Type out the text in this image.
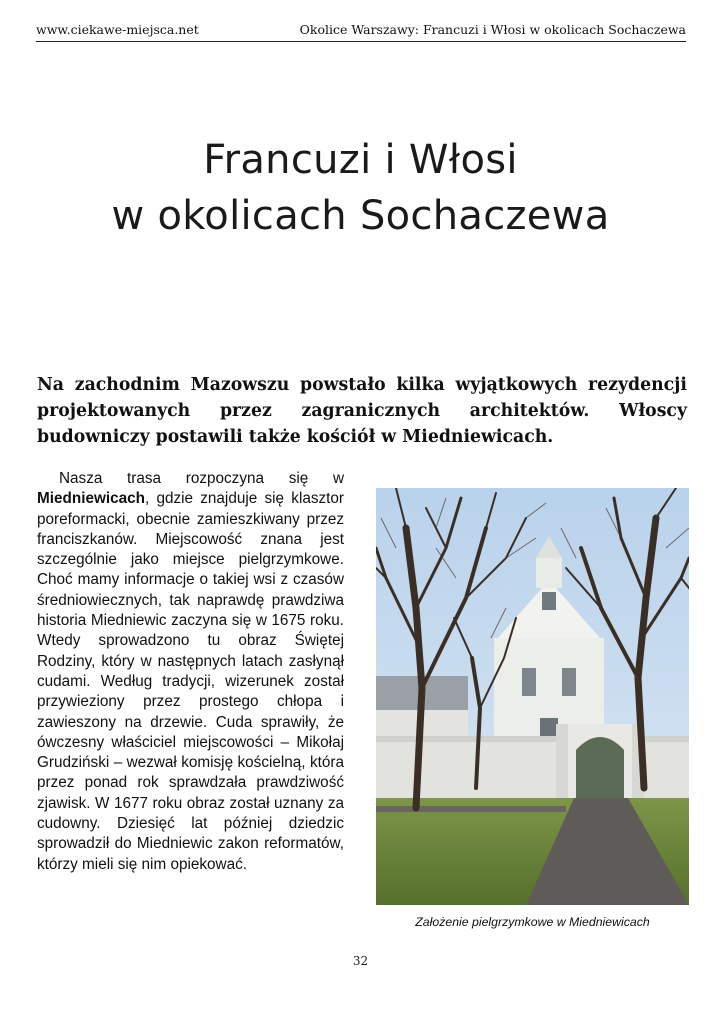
www.ciekawe-miejsca.net	Okolice Warszawy: Francuzi i Włosi w okolicach Sochaczewa
Francuzi i Włosi
w okolicach Sochaczewa
Na zachodnim Mazowszu powstało kilka wyjątkowych rezydencji projektowanych przez zagranicznych architektów. Włoscy budowniczy postawili także kościół w Miedniewicach.

Nasza trasa rozpoczyna się w Miedniewicach, gdzie znajduje się klasztor poreformacki, obecnie zamieszkiwany przez franciszkanów. Miejscowość znana jest szczególnie jako miejsce pielgrzymkowe. Choć mamy informacje o takiej wsi z czasów średniowiecznych, tak naprawdę prawdziwa historia Miedniewic zaczyna się w 1675 roku. Wtedy sprowadzono tu obraz Świętej Rodziny, który w następnych latach zasłynął cudami. Według tradycji, wizerunek został przywieziony przez prostego chłopa i zawieszony na drzewie. Cuda sprawiły, że ówczesny właściciel miejscowości – Mikołaj Grudziński – wezwał komisję kościelną, która przez ponad rok sprawdzała prawdziwość zjawisk. W 1677 roku obraz został uznany za cudowny. Dziesięć lat później dziedzic sprowadził do Miedniewic zakon reformatów, którzy mieli się nim opiekować.

Założenie pielgrzymkowe w Miedniewicach
32
